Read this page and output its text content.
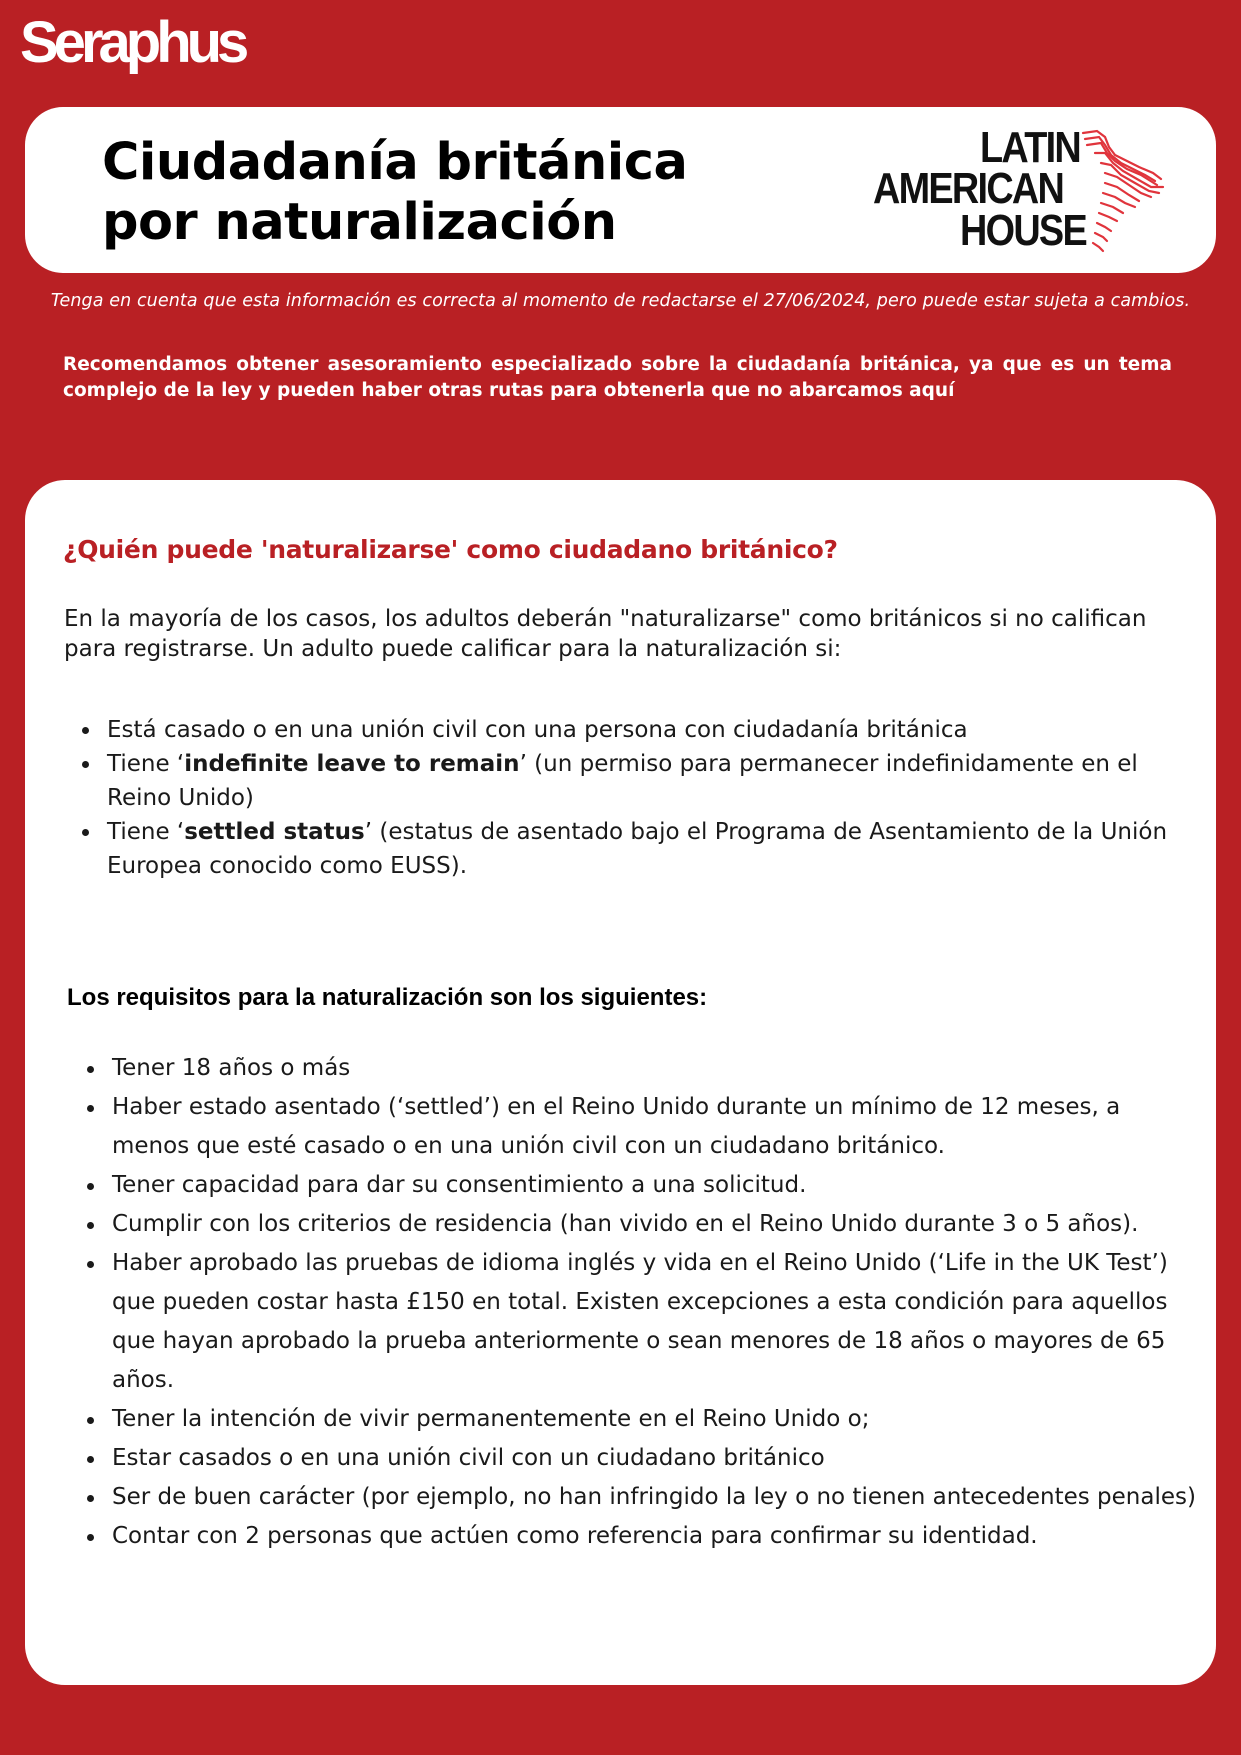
Seraphus
Ciudadanía británica
por naturalización
LATIN
AMERICAN
HOUSE
Tenga en cuenta que esta información es correcta al momento de redactarse el 27/06/2024, pero puede estar sujeta a cambios.

Recomendamos obtener asesoramiento especializado sobre la ciudadanía británica, ya que es un tema complejo de la ley y pueden haber otras rutas para obtenerla que no abarcamos aquí

¿Quién puede 'naturalizarse' como ciudadano británico?

En la mayoría de los casos, los adultos deberán "naturalizarse" como británicos si no califican para registrarse. Un adulto puede calificar para la naturalización si:

Está casado o en una unión civil con una persona con ciudadanía británica
Tiene ‘indefinite leave to remain’ (un permiso para permanecer indefinidamente en el Reino Unido)
Tiene ‘settled status’ (estatus de asentado bajo el Programa de Asentamiento de la Unión Europea conocido como EUSS).
Los requisitos para la naturalización son los siguientes:
Tener 18 años o más
Haber estado asentado (‘settled’) en el Reino Unido durante un mínimo de 12 meses, a menos que esté casado o en una unión civil con un ciudadano británico.
Tener capacidad para dar su consentimiento a una solicitud.
Cumplir con los criterios de residencia (han vivido en el Reino Unido durante 3 o 5 años).
Haber aprobado las pruebas de idioma inglés y vida en el Reino Unido (‘Life in the UK Test’) que pueden costar hasta £150 en total. Existen excepciones a esta condición para aquellos que hayan aprobado la prueba anteriormente o sean menores de 18 años o mayores de 65 años.
Tener la intención de vivir permanentemente en el Reino Unido o;
Estar casados o en una unión civil con un ciudadano británico
Ser de buen carácter (por ejemplo, no han infringido la ley o no tienen antecedentes penales)
Contar con 2 personas que actúen como referencia para confirmar su identidad.
